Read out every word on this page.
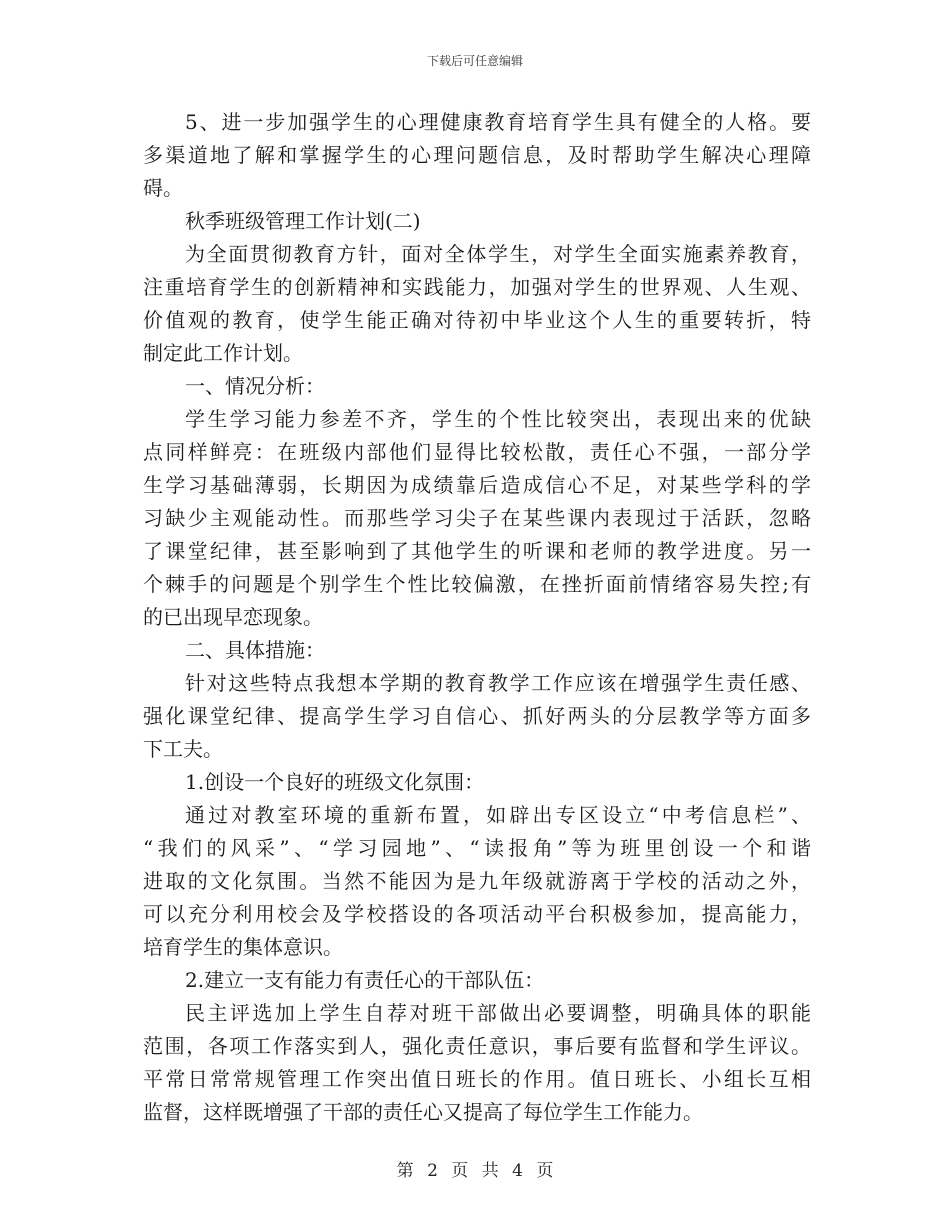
下载后可任意编辑
5、进一步加强学生的心理健康教育培育学生具有健全的人格。要
多渠道地了解和掌握学生的心理问题信息，及时帮助学生解决心理障
碍。
秋季班级管理工作计划(二)
为全面贯彻教育方针，面对全体学生，对学生全面实施素养教育，
注重培育学生的创新精神和实践能力，加强对学生的世界观、人生观、
价值观的教育，使学生能正确对待初中毕业这个人生的重要转折，特
制定此工作计划。
一、情况分析：
学生学习能力参差不齐，学生的个性比较突出，表现出来的优缺
点同样鲜亮：在班级内部他们显得比较松散，责任心不强，一部分学
生学习基础薄弱，长期因为成绩靠后造成信心不足，对某些学科的学
习缺少主观能动性。而那些学习尖子在某些课内表现过于活跃，忽略
了课堂纪律，甚至影响到了其他学生的听课和老师的教学进度。另一
个棘手的问题是个别学生个性比较偏激，在挫折面前情绪容易失控;有
的已出现早恋现象。
二、具体措施：
针对这些特点我想本学期的教育教学工作应该在增强学生责任感、
强化课堂纪律、提高学生学习自信心、抓好两头的分层教学等方面多
下工夫。
1.创设一个良好的班级文化氛围：
通过对教室环境的重新布置，如辟出专区设立“中考信息栏”、
“我们的风采”、“学习园地”、“读报角”等为班里创设一个和谐
进取的文化氛围。当然不能因为是九年级就游离于学校的活动之外，
可以充分利用校会及学校搭设的各项活动平台积极参加，提高能力，
培育学生的集体意识。
2.建立一支有能力有责任心的干部队伍：
民主评选加上学生自荐对班干部做出必要调整，明确具体的职能
范围，各项工作落实到人，强化责任意识，事后要有监督和学生评议。
平常日常常规管理工作突出值日班长的作用。值日班长、小组长互相
监督，这样既增强了干部的责任心又提高了每位学生工作能力。
第 2 页 共 4 页
